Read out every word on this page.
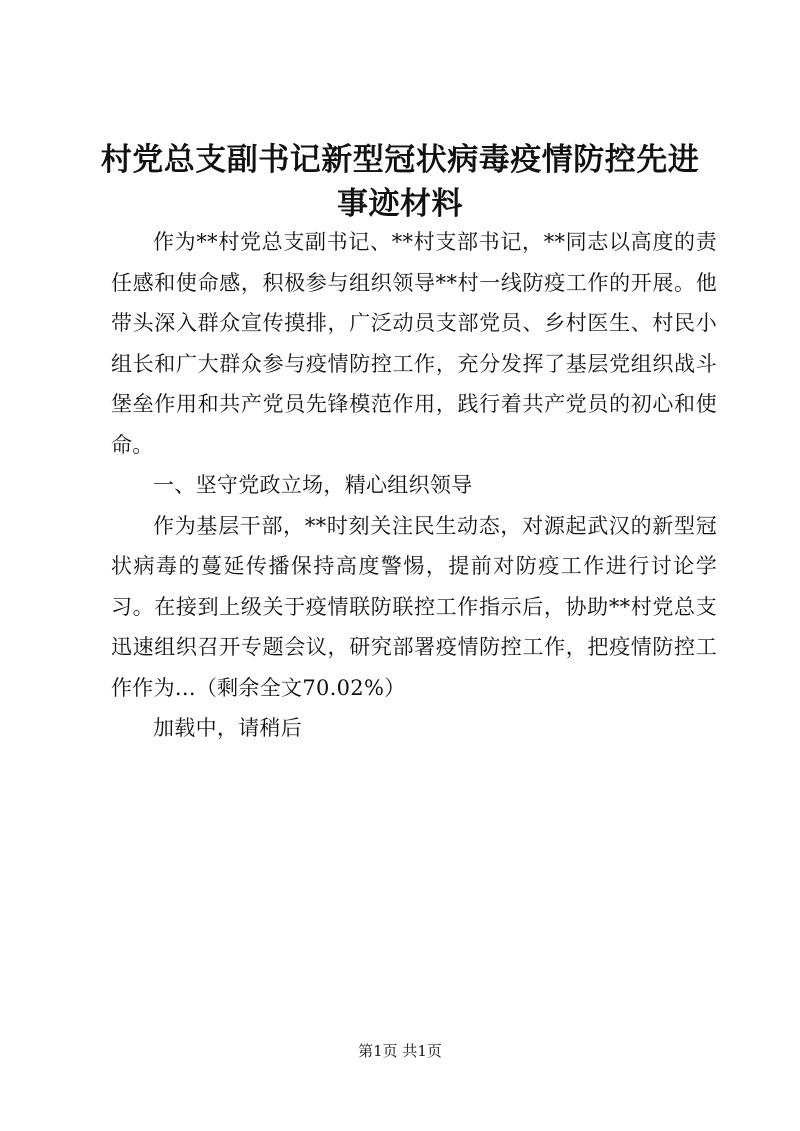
村党总支副书记新型冠状病毒疫情防控先进事迹材料

作为**村党总支副书记、**村支部书记，**同志以高度的责任感和使命感，积极参与组织领导**村一线防疫工作的开展。他带头深入群众宣传摸排，广泛动员支部党员、乡村医生、村民小组长和广大群众参与疫情防控工作，充分发挥了基层党组织战斗堡垒作用和共产党员先锋模范作用，践行着共产党员的初心和使命。

一、坚守党政立场，精心组织领导

作为基层干部，**时刻关注民生动态，对源起武汉的新型冠状病毒的蔓延传播保持高度警惕，提前对防疫工作进行讨论学习。在接到上级关于疫情联防联控工作指示后，协助**村党总支迅速组织召开专题会议，研究部署疫情防控工作，把疫情防控工作作为...（剩余全文70.02%）

加载中，请稍后

第1页 共1页
